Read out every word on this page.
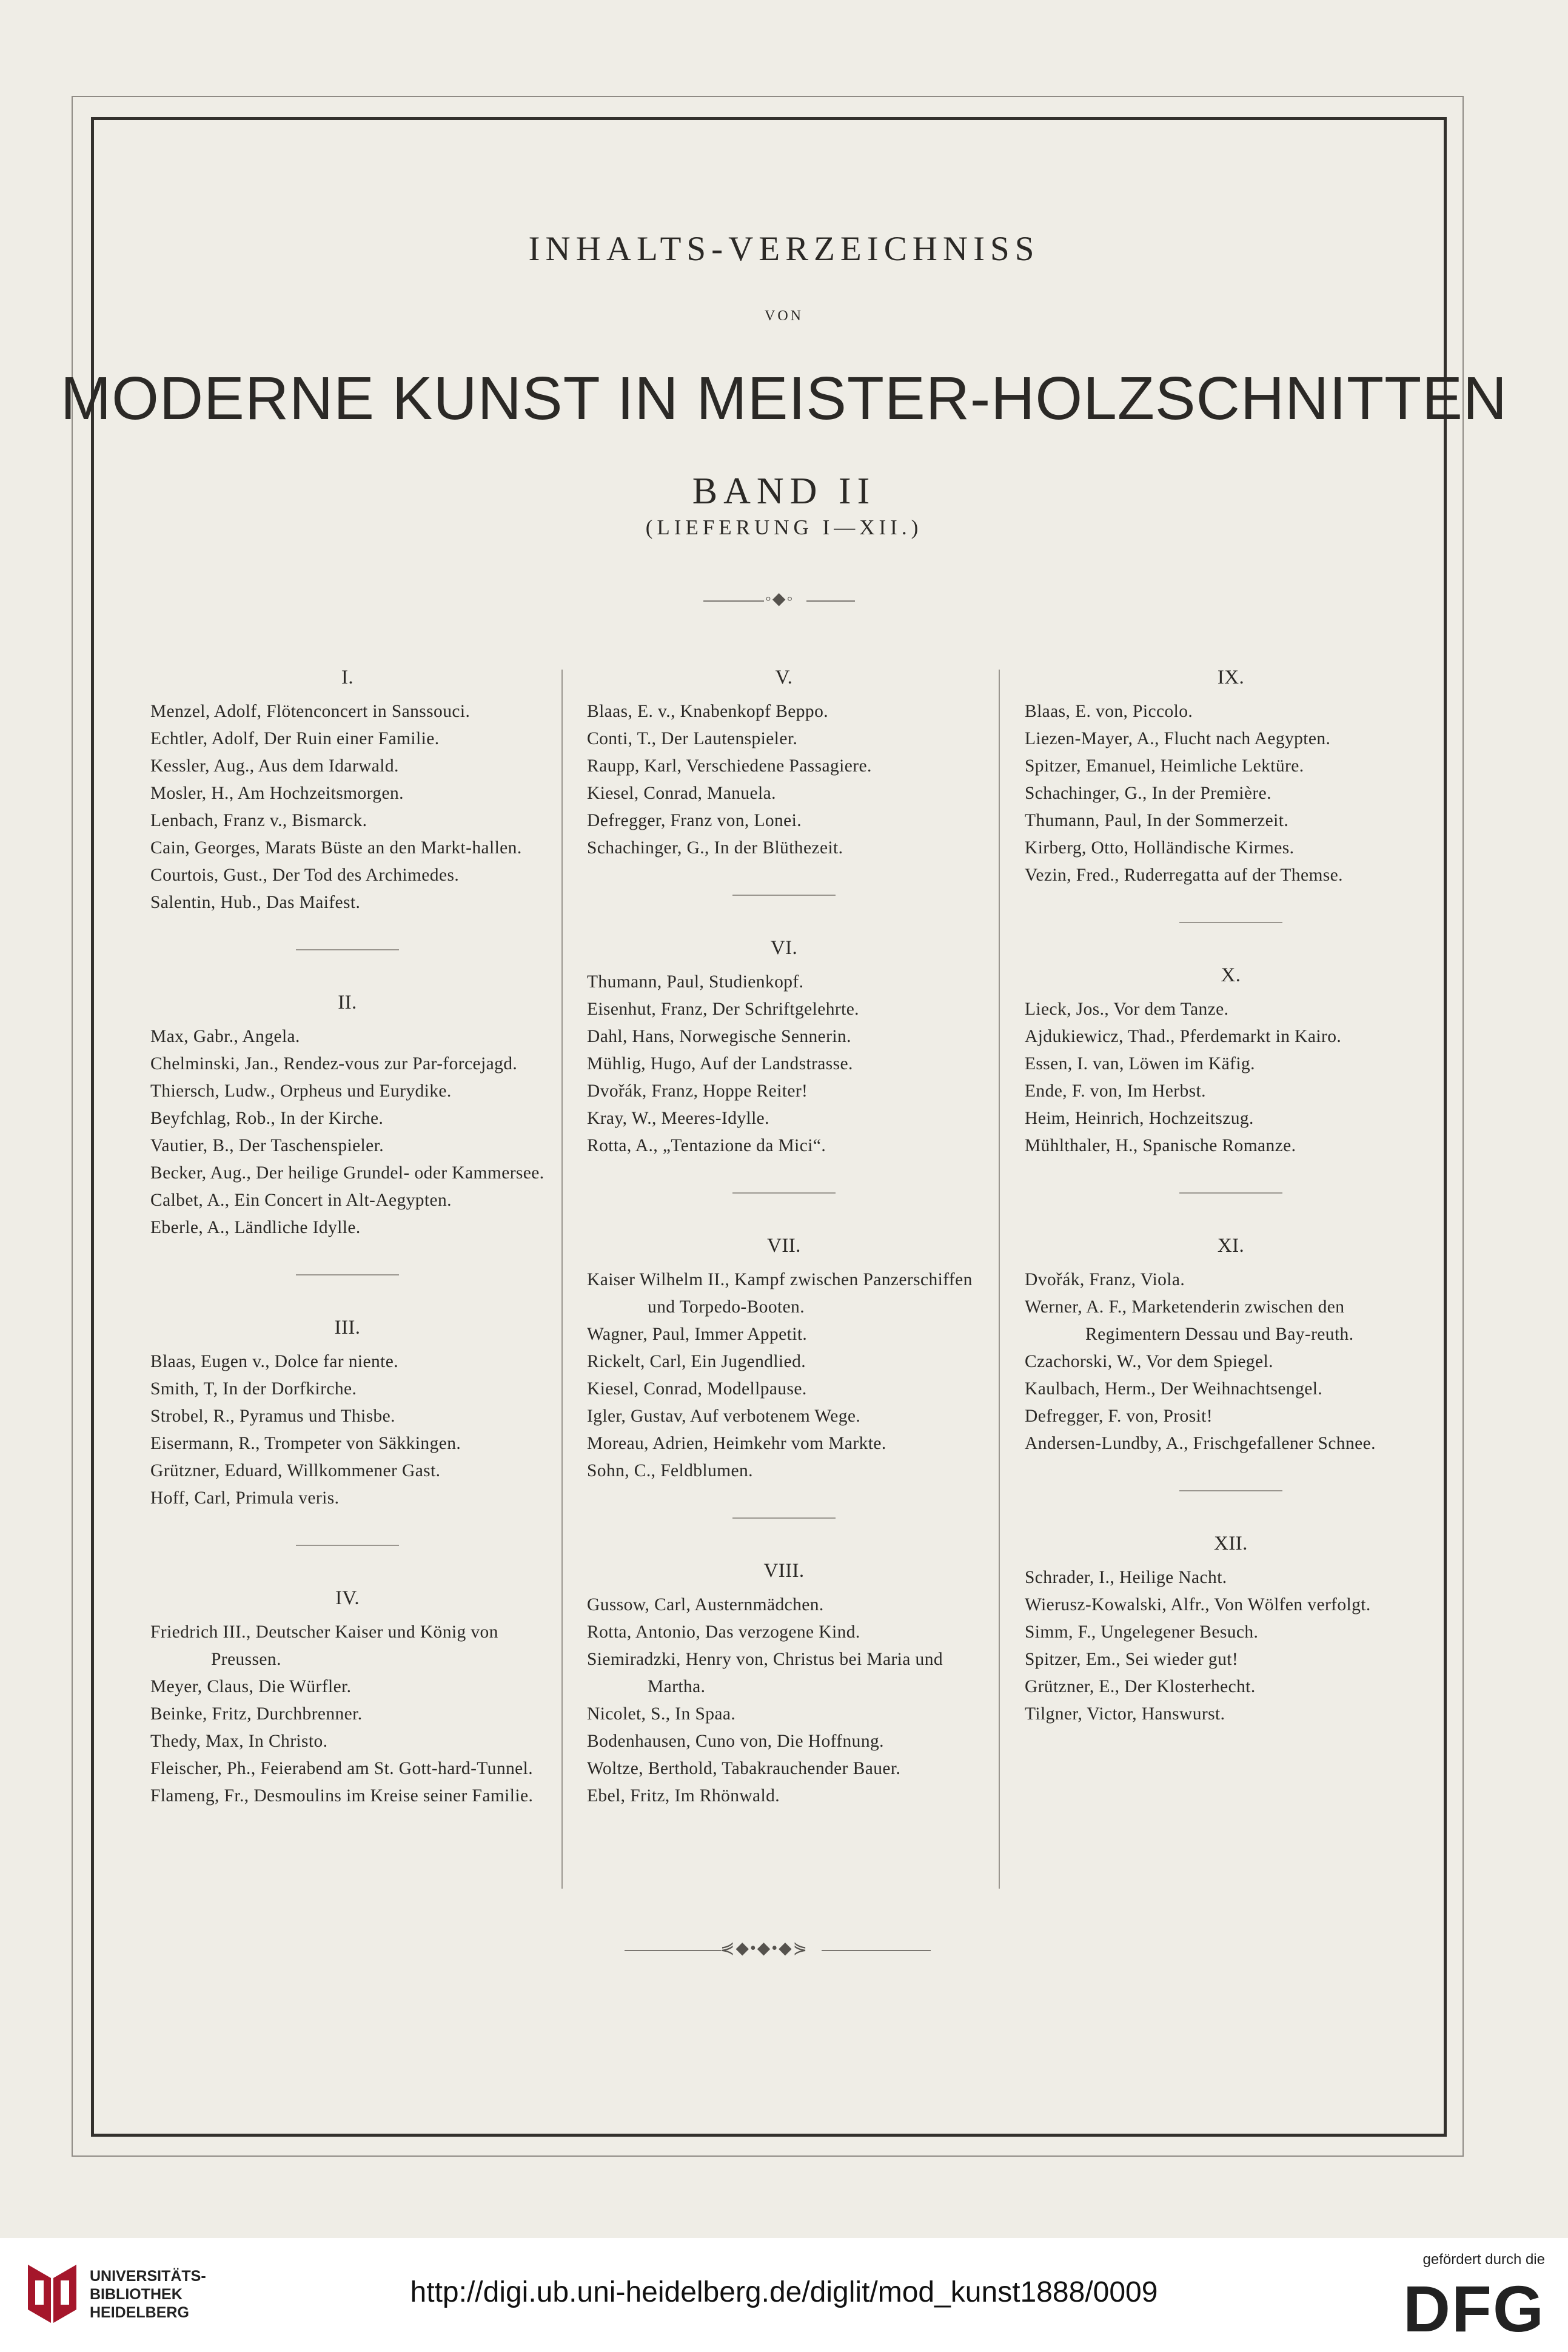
INHALTS-VERZEICHNISS
VON
MODERNE KUNST IN MEISTER-HOLZSCHNITTEN
BAND II
(LIEFERUNG I—XII.)
◦◆◦
I.

Menzel, Adolf, Flötenconcert in Sanssouci.

Echtler, Adolf, Der Ruin einer Familie.

Kessler, Aug., Aus dem Idarwald.

Mosler, H., Am Hochzeitsmorgen.

Lenbach, Franz v., Bismarck.

Cain, Georges, Marats Büste an den Markt-hallen.

Courtois, Gust., Der Tod des Archimedes.

Salentin, Hub., Das Maifest.

II.

Max, Gabr., Angela.

Chelminski, Jan., Rendez-vous zur Par-forcejagd.

Thiersch, Ludw., Orpheus und Eurydike.

Beyfchlag, Rob., In der Kirche.

Vautier, B., Der Taschenspieler.

Becker, Aug., Der heilige Grundel- oder Kammersee.

Calbet, A., Ein Concert in Alt-Aegypten.

Eberle, A., Ländliche Idylle.

III.

Blaas, Eugen v., Dolce far niente.

Smith, T, In der Dorfkirche.

Strobel, R., Pyramus und Thisbe.

Eisermann, R., Trompeter von Säkkingen.

Grützner, Eduard, Willkommener Gast.

Hoff, Carl, Primula veris.

IV.

Friedrich III., Deutscher Kaiser und König von Preussen.

Meyer, Claus, Die Würfler.

Beinke, Fritz, Durchbrenner.

Thedy, Max, In Christo.

Fleischer, Ph., Feierabend am St. Gott-hard-Tunnel.

Flameng, Fr., Desmoulins im Kreise seiner Familie.

V.

Blaas, E. v., Knabenkopf Beppo.

Conti, T., Der Lautenspieler.

Raupp, Karl, Verschiedene Passagiere.

Kiesel, Conrad, Manuela.

Defregger, Franz von, Lonei.

Schachinger, G., In der Blüthezeit.

VI.

Thumann, Paul, Studienkopf.

Eisenhut, Franz, Der Schriftgelehrte.

Dahl, Hans, Norwegische Sennerin.

Mühlig, Hugo, Auf der Landstrasse.

Dvořák, Franz, Hoppe Reiter!

Kray, W., Meeres-Idylle.

Rotta, A., „Tentazione da Mici“.

VII.

Kaiser Wilhelm II., Kampf zwischen Panzerschiffen und Torpedo-Booten.

Wagner, Paul, Immer Appetit.

Rickelt, Carl, Ein Jugendlied.

Kiesel, Conrad, Modellpause.

Igler, Gustav, Auf verbotenem Wege.

Moreau, Adrien, Heimkehr vom Markte.

Sohn, C., Feldblumen.

VIII.

Gussow, Carl, Austernmädchen.

Rotta, Antonio, Das verzogene Kind.

Siemiradzki, Henry von, Christus bei Maria und Martha.

Nicolet, S., In Spaa.

Bodenhausen, Cuno von, Die Hoffnung.

Woltze, Berthold, Tabakrauchender Bauer.

Ebel, Fritz, Im Rhönwald.

IX.

Blaas, E. von, Piccolo.

Liezen-Mayer, A., Flucht nach Aegypten.

Spitzer, Emanuel, Heimliche Lektüre.

Schachinger, G., In der Première.

Thumann, Paul, In der Sommerzeit.

Kirberg, Otto, Holländische Kirmes.

Vezin, Fred., Ruderregatta auf der Themse.

X.

Lieck, Jos., Vor dem Tanze.

Ajdukiewicz, Thad., Pferdemarkt in Kairo.

Essen, I. van, Löwen im Käfig.

Ende, F. von, Im Herbst.

Heim, Heinrich, Hochzeitszug.

Mühlthaler, H., Spanische Romanze.

XI.

Dvořák, Franz, Viola.

Werner, A. F., Marketenderin zwischen den Regimentern Dessau und Bay-reuth.

Czachorski, W., Vor dem Spiegel.

Kaulbach, Herm., Der Weihnachtsengel.

Defregger, F. von, Prosit!

Andersen-Lundby, A., Frischgefallener Schnee.

XII.

Schrader, I., Heilige Nacht.

Wierusz-Kowalski, Alfr., Von Wölfen verfolgt.

Simm, F., Ungelegener Besuch.

Spitzer, Em., Sei wieder gut!

Grützner, E., Der Klosterhecht.

Tilgner, Victor, Hanswurst.

⋞◆•◆•◆⋟
UNIVERSITÄTS-
BIBLIOTHEK
HEIDELBERG
http://digi.ub.uni-heidelberg.de/diglit/mod_kunst1888/0009
gefördert durch die
DFG
